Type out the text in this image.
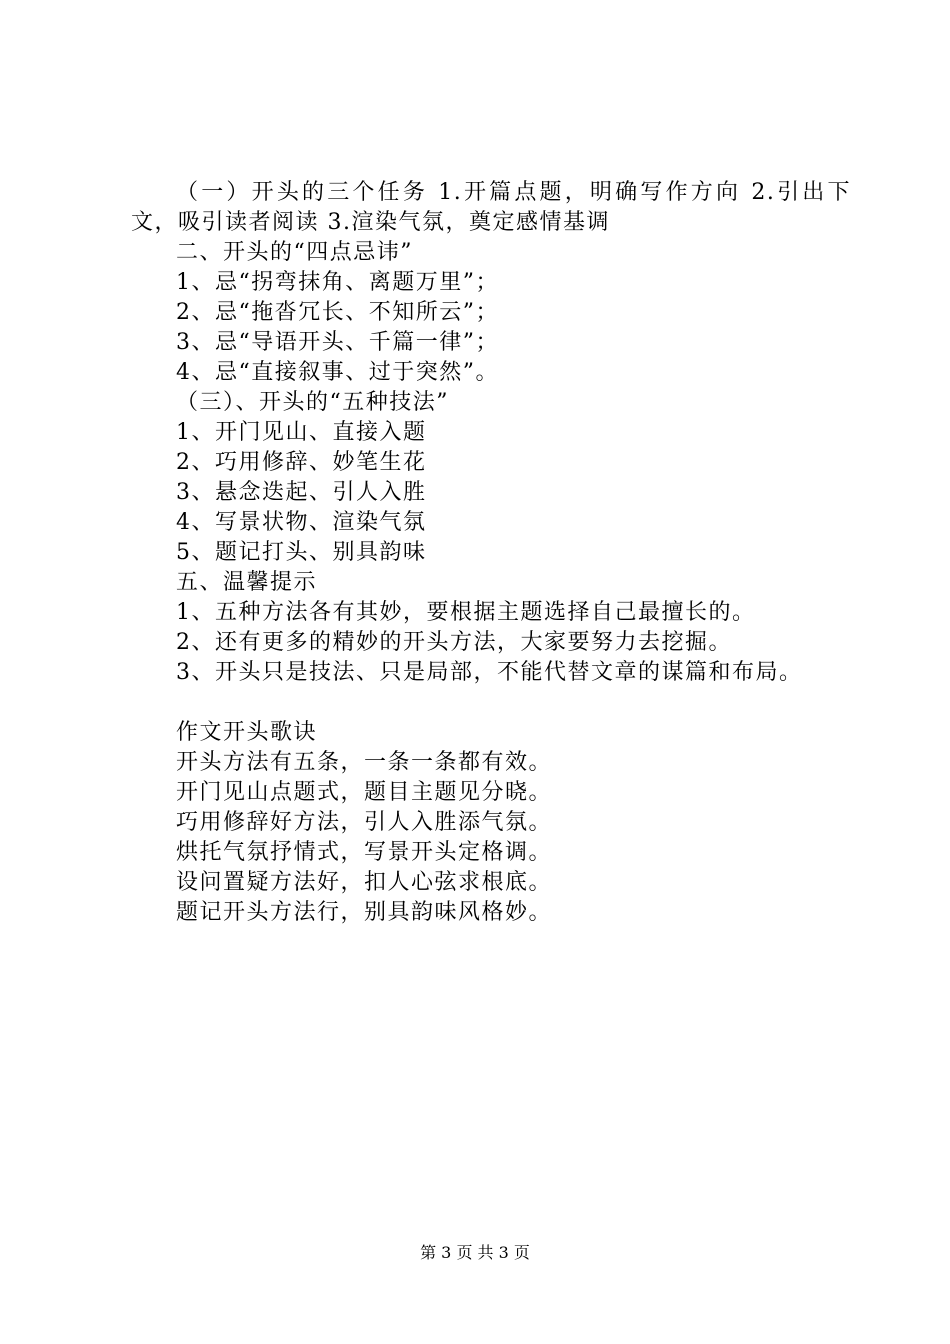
（一）开头的三个任务 1.开篇点题，明确写作方向 2.引出下文，吸引读者阅读 3.渲染气氛，奠定感情基调

二、开头的“四点忌讳”

1、忌“拐弯抹角、离题万里”；

2、忌“拖沓冗长、不知所云”；

3、忌“导语开头、千篇一律”；

4、忌“直接叙事、过于突然”。

（三）、开头的“五种技法”

1、开门见山、直接入题

2、巧用修辞、妙笔生花

3、悬念迭起、引人入胜

4、写景状物、渲染气氛

5、题记打头、别具韵味

五、温馨提示

1、五种方法各有其妙，要根据主题选择自己最擅长的。

2、还有更多的精妙的开头方法，大家要努力去挖掘。

3、开头只是技法、只是局部，不能代替文章的谋篇和布局。

作文开头歌诀

开头方法有五条，一条一条都有效。

开门见山点题式，题目主题见分晓。

巧用修辞好方法，引人入胜添气氛。

烘托气氛抒情式，写景开头定格调。

设问置疑方法好，扣人心弦求根底。

题记开头方法行，别具韵味风格妙。

第 3 页 共 3 页
